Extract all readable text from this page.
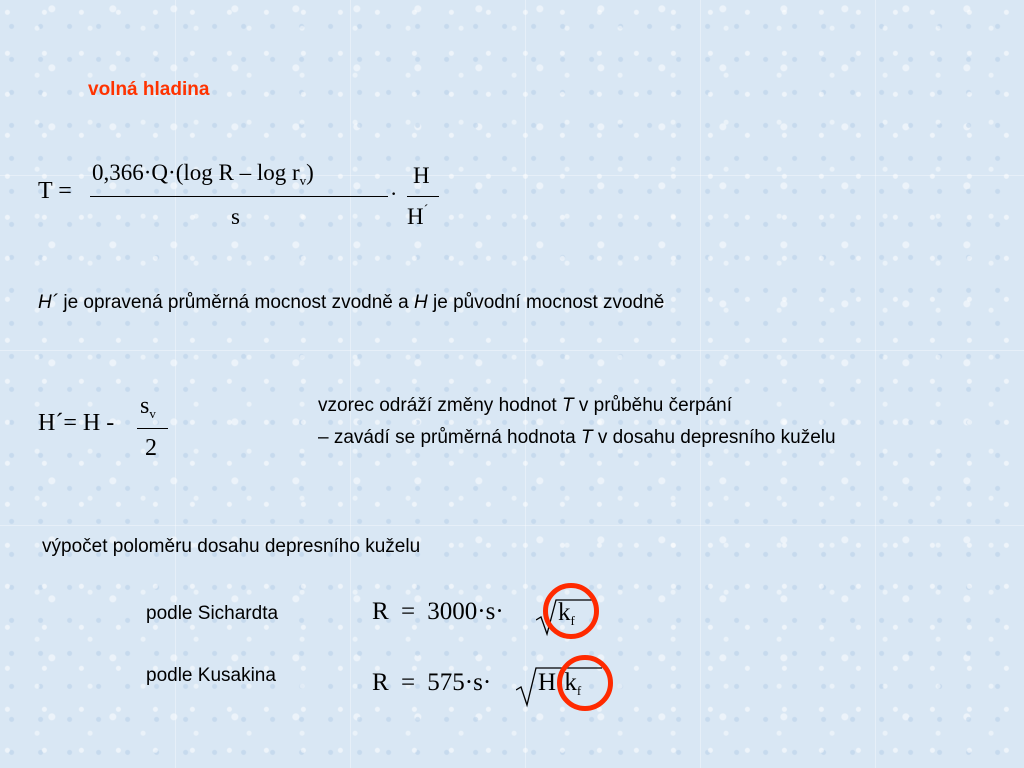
volná hladina
T =
0,366·Q·(log R – $\log r_v$)
s
·
H
H´
H´ je opravená průměrná mocnost zvodně a H je původní mocnost zvodně
H´= H -
$s_v$
2
vzorec odráží změny hodnot T v průběhu čerpání
– zavádí se průměrná hodnota T v dosahu depresního kuželu
výpočet poloměru dosahu depresního kuželu
podle Sichardta	$R = 3000\cdot s\cdot k_f$
podle Kusakina	$R = 575\cdot s\cdot H\cdot k_f$
